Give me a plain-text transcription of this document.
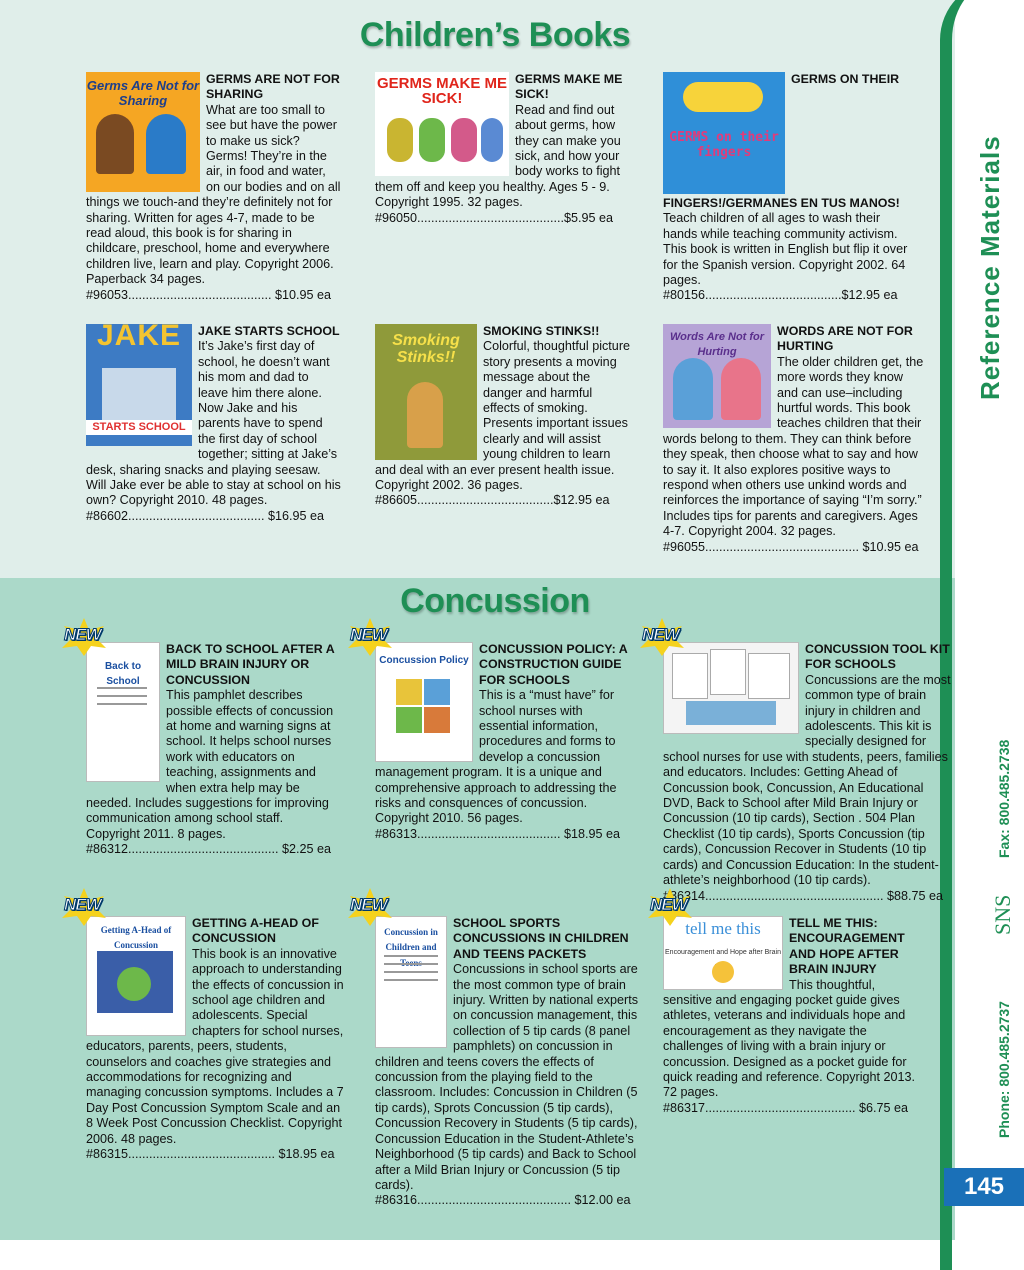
Children’s Books
Concussion
Germs Are Not for Sharing
GERMS ARE NOT FOR SHARING

What are too small to see but have the power to make us sick? Germs! They’re in the air, in food and water, on our bodies and on all things we touch-and they’re definitely not for sharing. Written for ages 4-7, made to be read aloud, this book is for sharing in childcare, preschool, home and everywhere children live, learn and play. Copyright 2006. Paperback 34 pages.

#96053......................................... $10.95 ea

GERMS MAKE ME SICK!
GERMS MAKE ME SICK!

Read and find out about germs, how they can make you sick, and how your body works to fight them off and keep you healthy. Ages 5 - 9. Copyright 1995. 32 pages.

#96050..........................................$5.95 ea

GERMS on their fingers
GERMS ON THEIR FINGERS!/GERMANES EN TUS MANOS!

Teach children of all ages to wash their hands while teaching community activism. This book is written in English but flip it over for the Spanish version. Copyright 2002. 64 pages.

#80156.......................................$12.95 ea

JAKE
STARTS SCHOOL
JAKE STARTS SCHOOL

It’s Jake’s first day of school, he doesn’t want his mom and dad to leave him there alone. Now Jake and his parents have to spend the first day of school together; sitting at Jake’s desk, sharing snacks and playing seesaw. Will Jake ever be able to stay at school on his own? Copyright 2010. 48 pages.

#86602....................................... $16.95 ea

Smoking Stinks!!
SMOKING STINKS!!

Colorful, thoughtful picture story presents a moving message about the danger and harmful effects of smoking. Presents important issues clearly and will assist young children to learn and deal with an ever present health issue. Copyright 2002. 36 pages.

#86605.......................................$12.95 ea

Words Are Not for Hurting
WORDS ARE NOT FOR HURTING

The older children get, the more words they know and can use–including hurtful words. This book teaches children that their words belong to them. They can think before they speak, then choose what to say and how to say it. It also explores positive ways to respond when others use unkind words and reinforces the importance of saying “I’m sorry.” Includes tips for parents and caregivers. Ages 4-7. Copyright 2004. 32 pages.

#96055............................................ $10.95 ea

NEW
Back to School
BACK TO SCHOOL AFTER A MILD BRAIN INJURY OR CONCUSSION

This pamphlet describes possible effects of concussion at home and warning signs at school. It helps school nurses work with educators on teaching, assignments and when extra help may be needed. Includes suggestions for improving communication among school staff. Copyright 2011. 8 pages.

#86312........................................... $2.25 ea

NEW
Concussion Policy
CONCUSSION POLICY: A CONSTRUCTION GUIDE FOR SCHOOLS

This is a “must have” for school nurses with essential information, procedures and forms to develop a concussion management program. It is a unique and comprehensive approach to addressing the risks and consquences of concussion. Copyright 2010. 56 pages.

#86313......................................... $18.95 ea

NEW
CONCUSSION TOOL KIT FOR SCHOOLS

Concussions are the most common type of brain injury in children and adolescents. This kit is specially designed for school nurses for use with students, peers, families and educators. Includes: Getting Ahead of Concussion book, Concussion, An Educational DVD, Back to School after Mild Brain Injury or Concussion (10 tip cards), Section . 504 Plan Checklist (10 tip cards), Sports Concussion (tip cards), Concussion Recover in Students (10 tip cards) and Concussion Education: In the student-athlete’s neighborhood (10 tip cards).

#86314................................................... $88.75 ea

NEW
Getting A-Head of Concussion
GETTING A-HEAD OF CONCUSSION

This book is an innovative approach to understanding the effects of concussion in school age children and adolescents. Special chapters for school nurses, educators, parents, peers, students, counselors and coaches give strategies and accommodations for recognizing and managing concussion symptoms. Includes a 7 Day Post Concussion Symptom Scale and an 8 Week Post Concussion Checklist. Copyright 2006. 48 pages.

#86315.......................................... $18.95 ea

NEW
Concussion in Children and
SCHOOL SPORTS CONCUSSIONS IN CHILDREN AND TEENS PACKETS

Concussions in school sports are the most common type of brain injury. Written by national experts on concussion management, this collection of 5 tip cards (8 panel pamphlets) on concussion in children and teens covers the effects of concussion from the playing field to the classroom. Includes: Concussion in Children (5 tip cards), Sprots Concussion (5 tip cards), Concussion Recovery in Students (5 tip cards), Concussion Education in the Student-Athlete’s Neighborhood (5 tip cards) and Back to School after a Mild Brian Injury or Concussion (5 tip cards).

#86316............................................ $12.00 ea

NEW
tell me this
Encouragement and Hope after Brain
TELL ME THIS: ENCOURAGEMENT AND HOPE AFTER BRAIN INJURY

This thoughtful, sensitive and engaging pocket guide gives athletes, veterans and individuals hope and encouragement as they navigate the challenges of living with a brain injury or concussion. Designed as a pocket guide for quick reading and reference. Copyright 2013. 72 pages.

#86317........................................... $6.75 ea

Reference Materials
Fax: 800.485.2738
SNS
Phone: 800.485.2737
145
